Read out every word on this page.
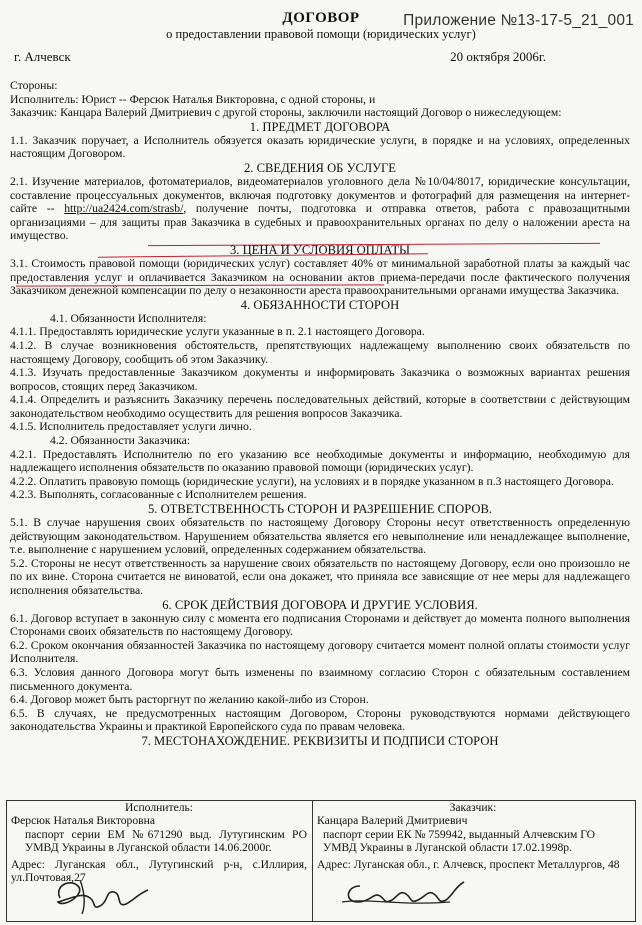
Приложение №13-17-5_21_001
ДОГОВОР
о предоставлении правовой помощи (юридических услуг)
г. Алчевск	20 октября 2006г.

Стороны:

Исполнитель: Юрист -- Ферсюк Наталья Викторовна, с одной стороны, и

Заказчик: Канцара Валерий Дмитриевич с другой стороны, заключили настоящий Договор о нижеследующем:

1. ПРЕДМЕТ ДОГОВОРА

1.1. Заказчик поручает, а Исполнитель обязуется оказать юридические услуги, в порядке и на условиях, определенных настоящим Договором.

2. СВЕДЕНИЯ ОБ УСЛУГЕ

2.1. Изучение материалов, фотоматериалов, видеоматериалов уголовного дела №10/04/8017, юридические консультации, составление процессуальных документов, включая подготовку документов и фотографий для размещения на интернет-сайте -- http://ua2424.com/strasb/, получение почты, подготовка и отправка ответов, работа с правозащитными организациями – для защиты прав Заказчика в судебных и правоохранительных органах по делу о наложении ареста на имущество.

3. ЦЕНА И УСЛОВИЯ ОПЛАТЫ

3.1. Стоимость правовой помощи (юридических услуг) составляет 40% от минимальной заработной платы за каждый час предоставления услуг и оплачивается Заказчиком на основании актов приема-передачи после фактического получения Заказчиком денежной компенсации по делу о незаконности ареста правоохранительными органами имущества Заказчика.

4. ОБЯЗАННОСТИ СТОРОН

4.1. Обязанности Исполнителя:

4.1.1. Предоставлять юридические услуги указанные в п. 2.1 настоящего Договора.

4.1.2. В случае возникновения обстоятельств, препятствующих надлежащему выполнению своих обязательств по настоящему Договору, сообщить об этом Заказчику.

4.1.3. Изучать предоставленные Заказчиком документы и информировать Заказчика о возможных вариантах решения вопросов, стоящих перед Заказчиком.

4.1.4. Определить и разъяснить Заказчику перечень последовательных действий, которые в соответствии с действующим законодательством необходимо осуществить для решения вопросов Заказчика.

4.1.5. Исполнитель предоставляет услуги лично.

4.2. Обязанности Заказчика:

4.2.1. Предоставлять Исполнителю по его указанию все необходимые документы и информацию, необходимую для надлежащего исполнения обязательств по оказанию правовой помощи (юридических услуг).

4.2.2. Оплатить правовую помощь (юридические услуги), на условиях и в порядке указанном в п.3 настоящего Договора.

4.2.3. Выполнять, согласованные с Исполнителем решения.

5. ОТВЕТСТВЕННОСТЬ СТОРОН И РАЗРЕШЕНИЕ СПОРОВ.

5.1. В случае нарушения своих обязательств по настоящему Договору Стороны несут ответственность определенную действующим законодательством. Нарушением обязательства является его невыполнение или ненадлежащее выполнение, т.е. выполнение с нарушением условий, определенных содержанием обязательства.

5.2. Стороны не несут ответственность за нарушение своих обязательств по настоящему Договору, если оно произошло не по их вине. Сторона считается не виноватой, если она докажет, что приняла все зависящие от нее меры для надлежащего исполнения обязательства.

6. СРОК ДЕЙСТВИЯ ДОГОВОРА И ДРУГИЕ УСЛОВИЯ.

6.1. Договор вступает в законную силу с момента его подписания Сторонами и действует до момента полного выполнения Сторонами своих обязательств по настоящему Договору.

6.2. Сроком окончания обязанностей Заказчика по настоящему договору считается момент полной оплаты стоимости услуг Исполнителя.

6.3. Условия данного Договора могут быть изменены по взаимному согласию Сторон с обязательным составлением письменного документа.

6.4. Договор может быть расторгнут по желанию какой-либо из Сторон.

6.5. В случаях, не предусмотренных настоящим Договором, Стороны руководствуются нормами действующего законодательства Украины и практикой Европейского суда по правам человека.

7. МЕСТОНАХОЖДЕНИЕ. РЕКВИЗИТЫ И ПОДПИСИ СТОРОН

Исполнитель:
Ферсюк Наталья Викторовна
паспорт серии ЕМ №671290 выд. Лутугинским РО УМВД Украины в Луганской области 14.06.2000г.
Адрес: Луганская обл., Лутугинский р-н, с.Иллирия, ул.Почтовая,27
Заказчик:
Канцара Валерий Дмитриевич
паспорт серии ЕК № 759942, выданный Алчевским ГО УМВД Украины в Луганской области 17.02.1998р.
Адрес: Луганская обл., г. Алчевск, проспект Металлургов, 48
